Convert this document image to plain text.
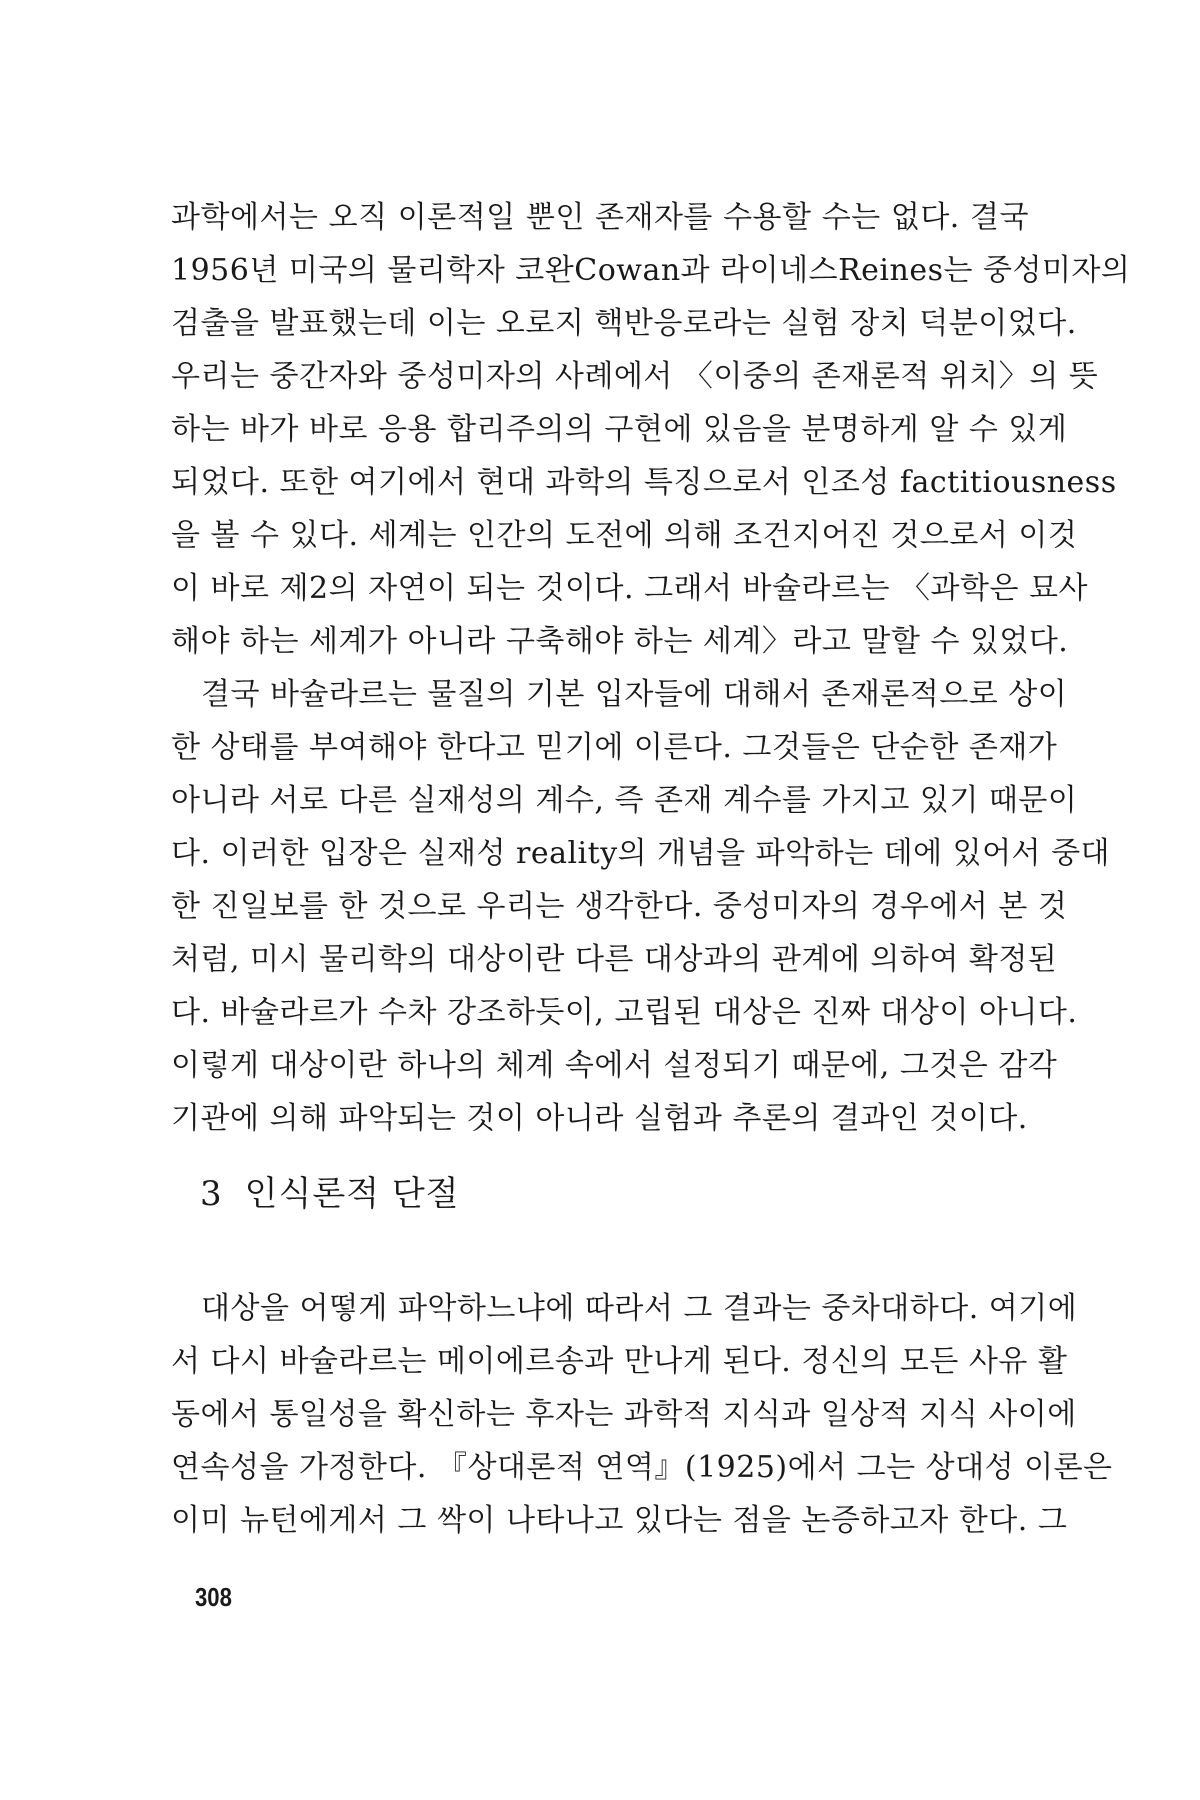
과학에서는 오직 이론적일 뿐인 존재자를 수용할 수는 없다. 결국
1956년 미국의 물리학자 코완Cowan과 라이네스Reines는 중성미자의
검출을 발표했는데 이는 오로지 핵반응로라는 실험 장치 덕분이었다.
우리는 중간자와 중성미자의 사례에서 〈이중의 존재론적 위치〉의 뜻
하는 바가 바로 응용 합리주의의 구현에 있음을 분명하게 알 수 있게
되었다. 또한 여기에서 현대 과학의 특징으로서 인조성 factitiousness
을 볼 수 있다. 세계는 인간의 도전에 의해 조건지어진 것으로서 이것
이 바로 제2의 자연이 되는 것이다. 그래서 바슐라르는 〈과학은 묘사
해야 하는 세계가 아니라 구축해야 하는 세계〉라고 말할 수 있었다.
결국 바슐라르는 물질의 기본 입자들에 대해서 존재론적으로 상이
한 상태를 부여해야 한다고 믿기에 이른다. 그것들은 단순한 존재가
아니라 서로 다른 실재성의 계수, 즉 존재 계수를 가지고 있기 때문이
다. 이러한 입장은 실재성 reality의 개념을 파악하는 데에 있어서 중대
한 진일보를 한 것으로 우리는 생각한다. 중성미자의 경우에서 본 것
처럼, 미시 물리학의 대상이란 다른 대상과의 관계에 의하여 확정된
다. 바슐라르가 수차 강조하듯이, 고립된 대상은 진짜 대상이 아니다.
이렇게 대상이란 하나의 체계 속에서 설정되기 때문에, 그것은 감각
기관에 의해 파악되는 것이 아니라 실험과 추론의 결과인 것이다.
3 인식론적 단절
대상을 어떻게 파악하느냐에 따라서 그 결과는 중차대하다. 여기에
서 다시 바슐라르는 메이에르송과 만나게 된다. 정신의 모든 사유 활
동에서 통일성을 확신하는 후자는 과학적 지식과 일상적 지식 사이에
연속성을 가정한다. 『상대론적 연역』(1925)에서 그는 상대성 이론은
이미 뉴턴에게서 그 싹이 나타나고 있다는 점을 논증하고자 한다. 그
308
